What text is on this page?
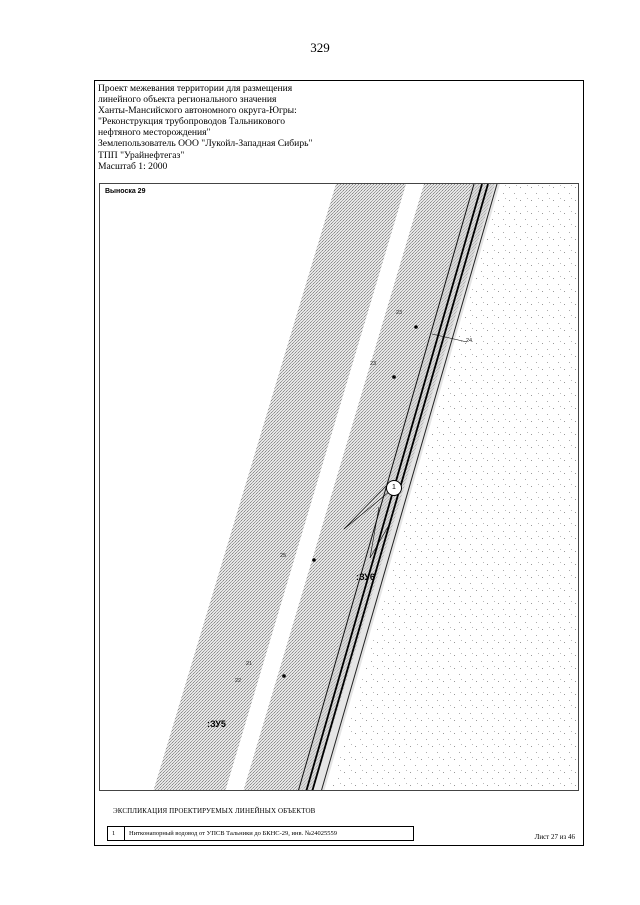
329
Проект межевания территории для размещения
линейного объекта регионального значения
Ханты-Мансийского автономного округа-Югры:
"Реконструкция трубопроводов Тальникового
нефтяного месторождения"
Землепользователь ООО "Лукойл-Западная Сибирь"
ТПП "Урайнефтегаз"
Масштаб 1: 2000
Выноска 29
24
23
23
25
21
22
1
:ЗУ6
:ЗУ5
ЭКСПЛИКАЦИЯ ПРОЕКТИРУЕМЫХ ЛИНЕЙНЫХ ОБЪЕКТОВ
1	Нитконапорный водовод от УПСВ Тальники до БКНС-29, инв. №24025559	Лист 27 из 46
